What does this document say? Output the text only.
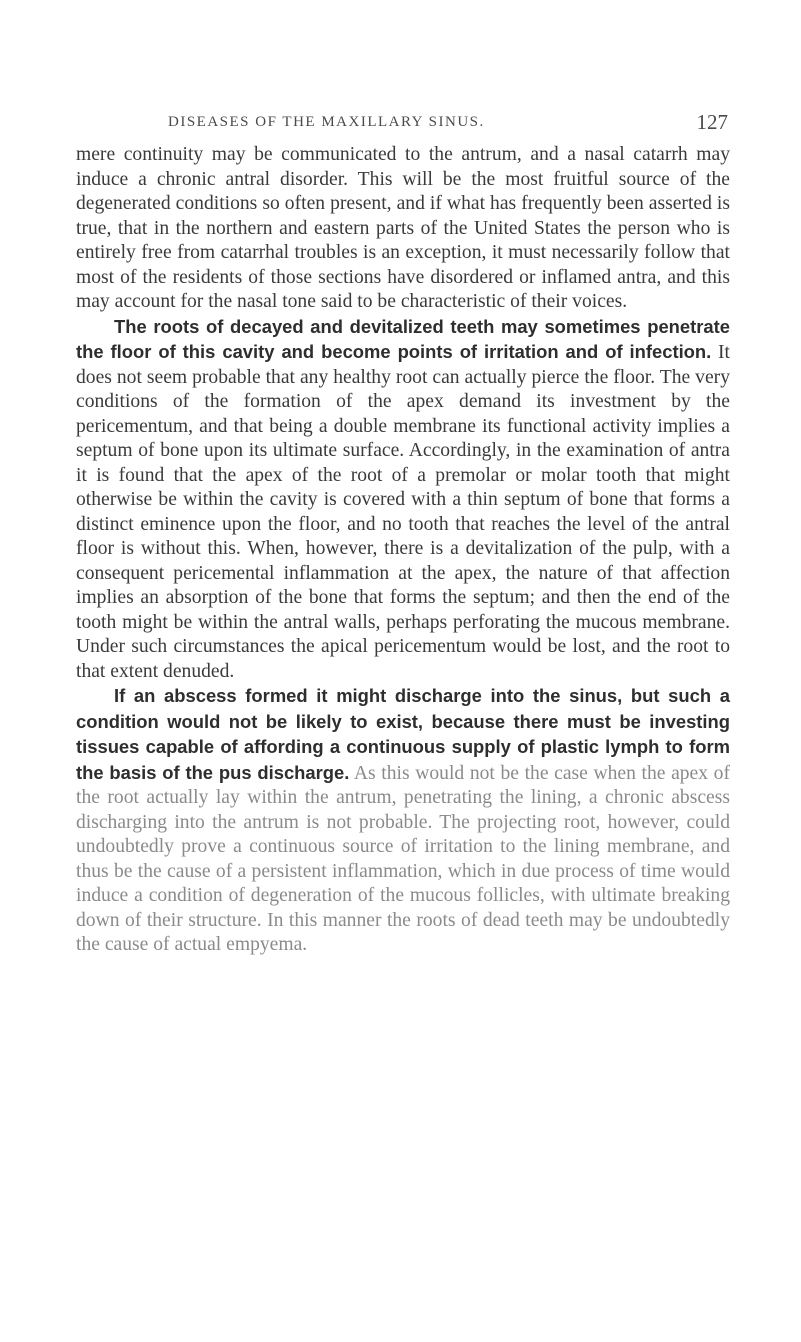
DISEASES OF THE MAXILLARY SINUS.	127

mere continuity may be communicated to the antrum, and a nasal catarrh may induce a chronic antral disorder. This will be the most fruitful source of the degenerated conditions so often present, and if what has frequently been asserted is true, that in the northern and eastern parts of the United States the person who is entirely free from catarrhal troubles is an exception, it must necessarily follow that most of the residents of those sections have disordered or inflamed antra, and this may account for the nasal tone said to be characteristic of their voices.

The roots of decayed and devitalized teeth may sometimes penetrate the floor of this cavity and become points of irritation and of infection. It does not seem probable that any healthy root can actually pierce the floor. The very conditions of the formation of the apex demand its investment by the pericementum, and that being a double membrane its functional activity implies a septum of bone upon its ultimate surface. Accordingly, in the examination of antra it is found that the apex of the root of a premolar or molar tooth that might otherwise be within the cavity is covered with a thin septum of bone that forms a distinct eminence upon the floor, and no tooth that reaches the level of the antral floor is without this. When, however, there is a devitalization of the pulp, with a consequent pericemental inflammation at the apex, the nature of that affection implies an absorption of the bone that forms the septum; and then the end of the tooth might be within the antral walls, perhaps perforating the mucous membrane. Under such circumstances the apical pericementum would be lost, and the root to that extent denuded.

If an abscess formed it might discharge into the sinus, but such a condition would not be likely to exist, because there must be investing tissues capable of affording a continuous supply of plastic lymph to form the basis of the pus discharge. As this would not be the case when the apex of the root actually lay within the antrum, penetrating the lining, a chronic abscess discharging into the antrum is not probable. The projecting root, however, could undoubtedly prove a continuous source of irritation to the lining membrane, and thus be the cause of a persistent inflammation, which in due process of time would induce a condition of degeneration of the mucous follicles, with ultimate breaking down of their structure. In this manner the roots of dead teeth may be undoubtedly the cause of actual empyema.
